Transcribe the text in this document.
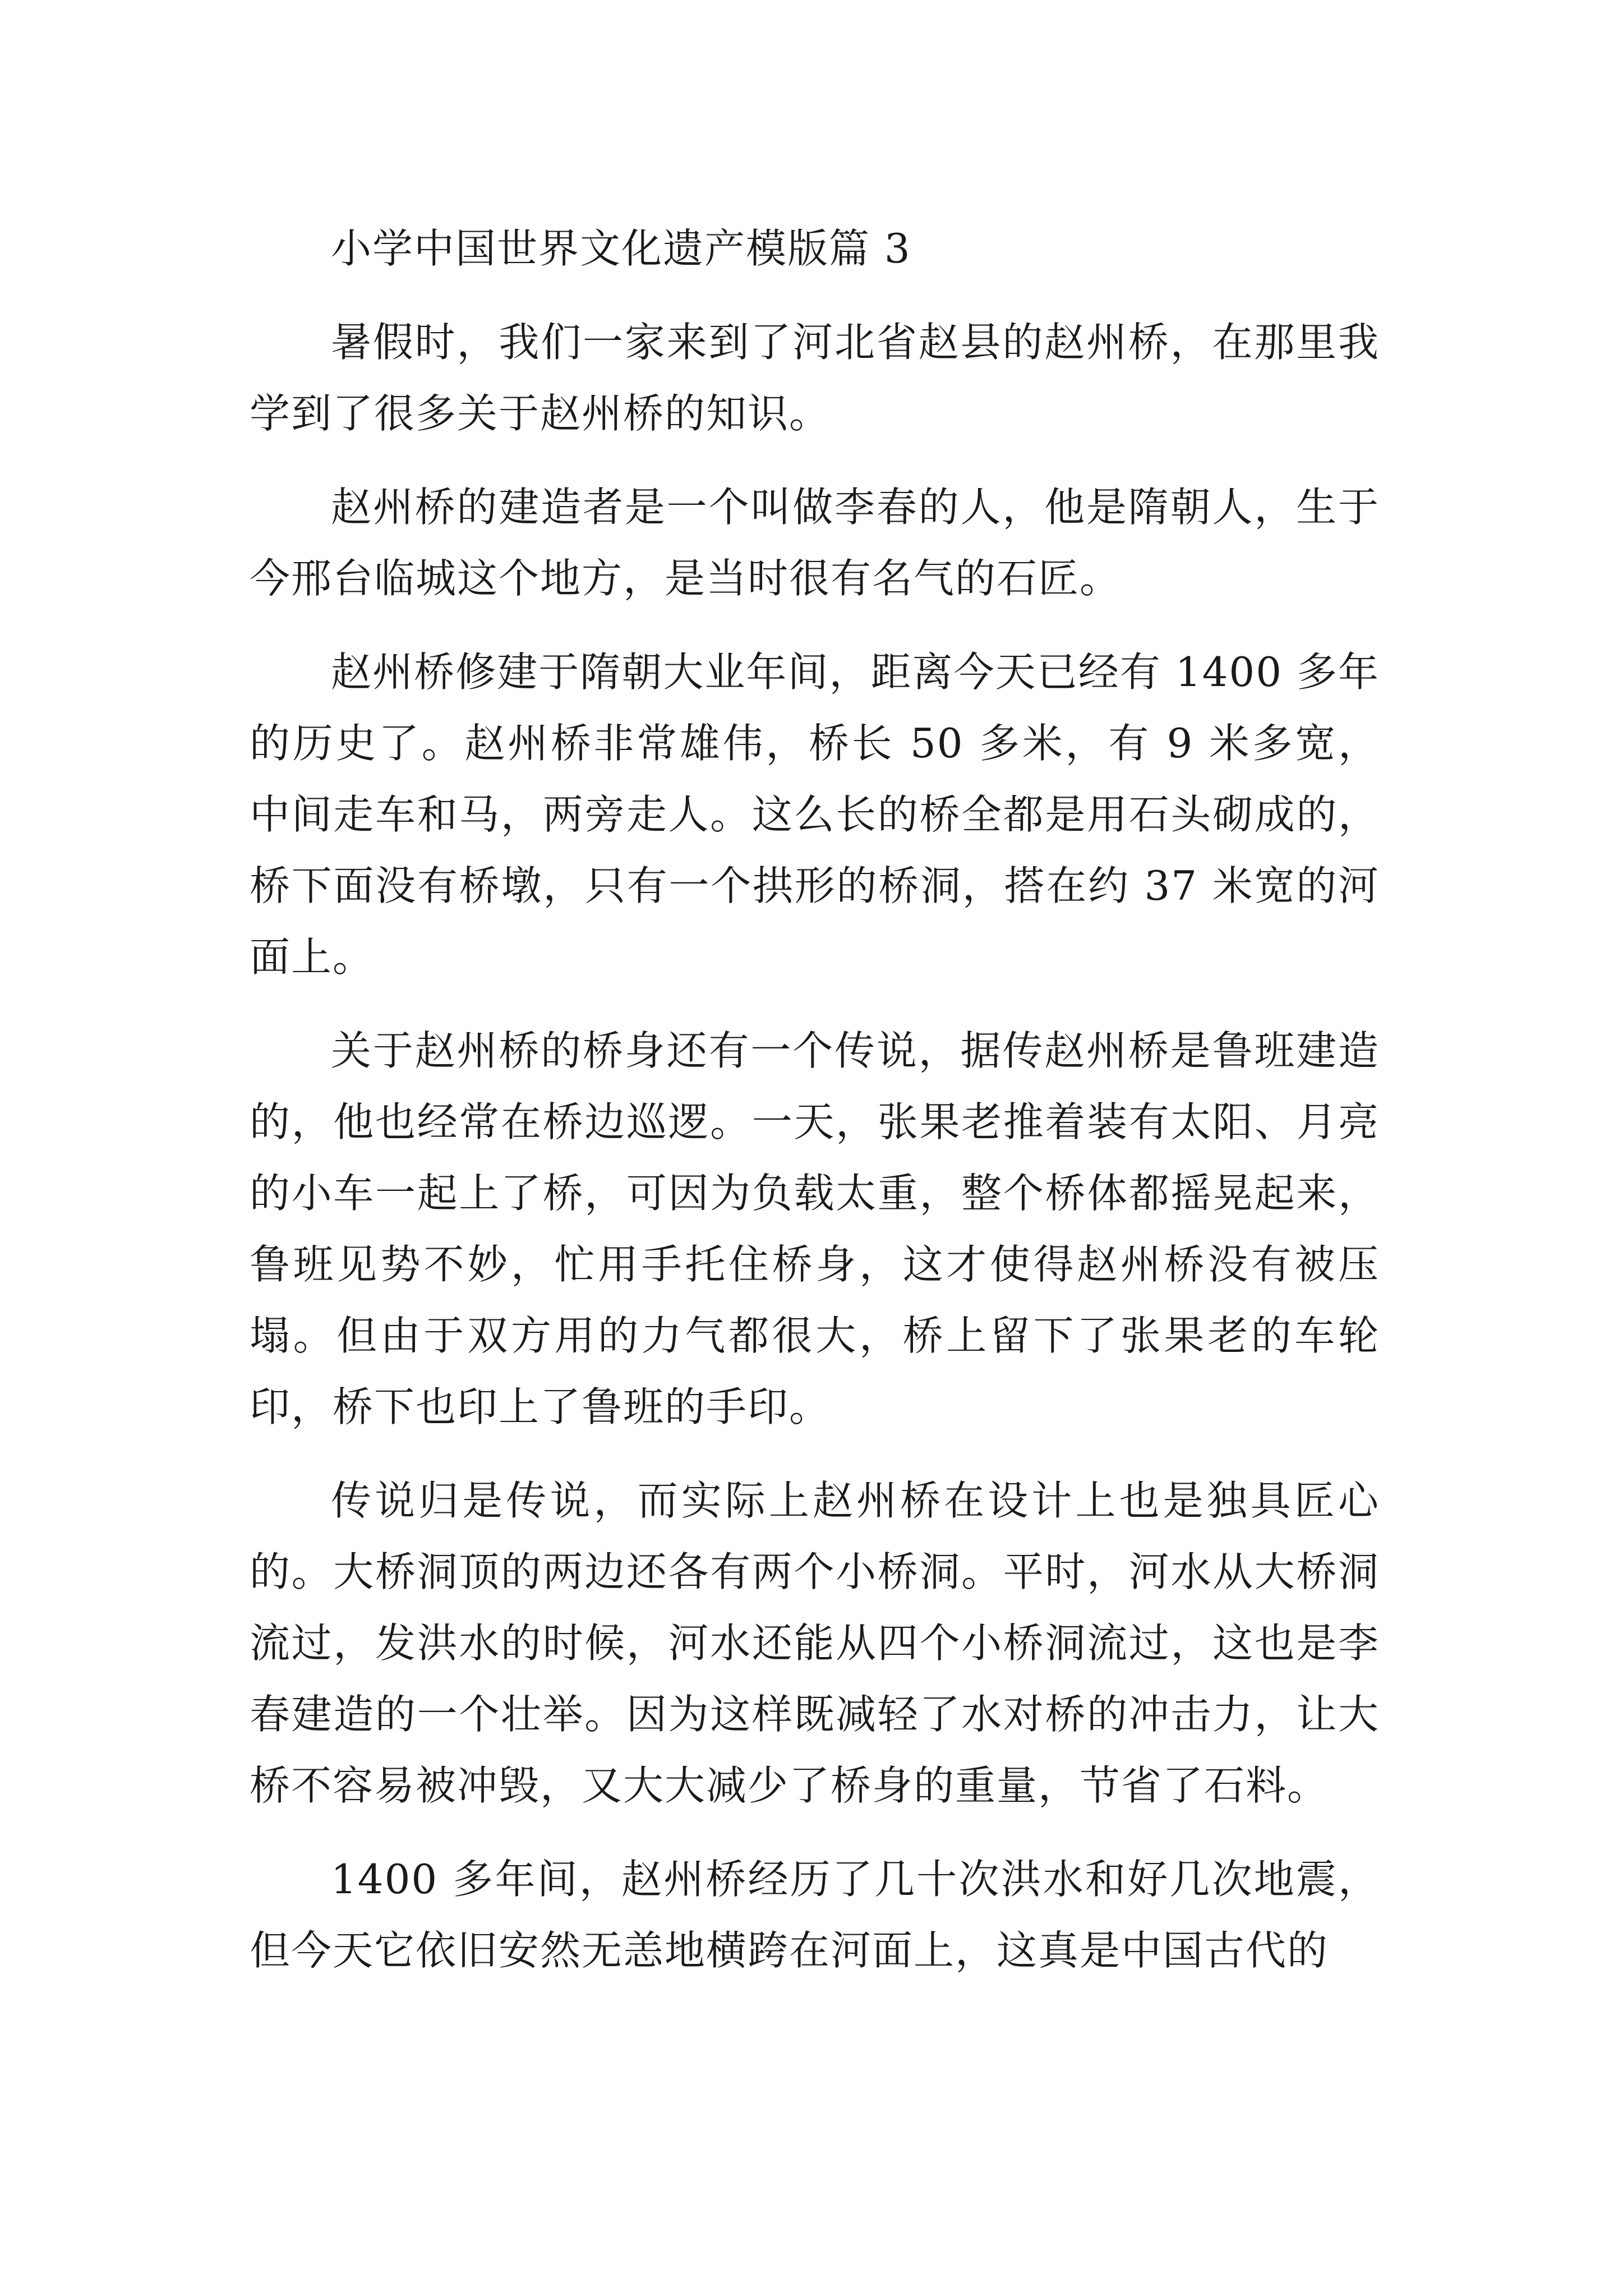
小学中国世界文化遗产模版篇 3

暑假时，我们一家来到了河北省赵县的赵州桥，在那里我学到了很多关于赵州桥的知识。

赵州桥的建造者是一个叫做李春的人，他是隋朝人，生于今邢台临城这个地方，是当时很有名气的石匠。

赵州桥修建于隋朝大业年间，距离今天已经有 1400 多年的历史了。赵州桥非常雄伟，桥长 50 多米，有 9 米多宽，中间走车和马，两旁走人。这么长的桥全都是用石头砌成的，桥下面没有桥墩，只有一个拱形的桥洞，搭在约 37 米宽的河面上。

关于赵州桥的桥身还有一个传说，据传赵州桥是鲁班建造的，他也经常在桥边巡逻。一天，张果老推着装有太阳、月亮的小车一起上了桥，可因为负载太重，整个桥体都摇晃起来，鲁班见势不妙，忙用手托住桥身，这才使得赵州桥没有被压塌。但由于双方用的力气都很大，桥上留下了张果老的车轮印，桥下也印上了鲁班的手印。

传说归是传说，而实际上赵州桥在设计上也是独具匠心的。大桥洞顶的两边还各有两个小桥洞。平时，河水从大桥洞流过，发洪水的时候，河水还能从四个小桥洞流过，这也是李春建造的一个壮举。因为这样既减轻了水对桥的冲击力，让大桥不容易被冲毁，又大大减少了桥身的重量，节省了石料。

1400 多年间，赵州桥经历了几十次洪水和好几次地震，但今天它依旧安然无恙地横跨在河面上，这真是中国古代的
